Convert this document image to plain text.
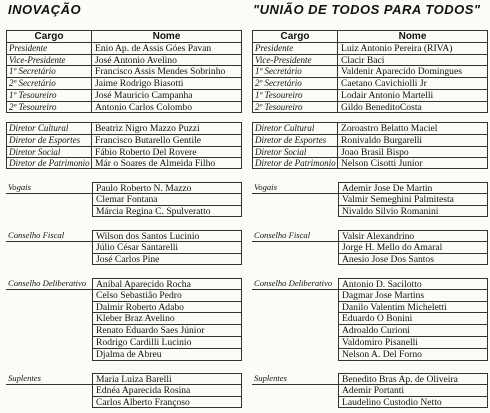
INOVAÇÃO	"UNIÃO DE TODOS PARA TODOS"
Cargo	Nome
Presidente	Enio Ap. de Assis Góes Pavan
Vice-Presidente	José Antonio Avelino
1º Secretário	Francisco Assis Mendes Sobrinho
2º Secretário	Jaime Rodrigo Biasotti
1º Tesoureiro	José Mauricio Campanha
2º Tesoureiro	Antonio Carlos Colombo
Diretor Cultural	Beatriz Nigro Mazzo Puzzi
Diretor de Esportes	Francisco Butarello Gentile
Diretor Social	Fábio Roberto Del Rovere
Diretor de Patrimonio Már o Soares de Almeida Filho
Vogais	Paulo Roberto N. Mazzo
Clemar Fontana
Márcia Regina C. Spulveratto
Conselho Fiscal	Wilson dos Santos Lucinio
Júlio César Santarelli
José Carlos Pine
Conselho Deliberativo	Aníbal Aparecido Rocha
Celso Sebastião Pedro
Dalmir Roberto Adabo
Kleber Braz Avelino
Renato Eduardo Saes Júnior
Rodrigo Cardilli Lucinio
Djalma de Abreu
Suplentes	Maria Luiza Barelli
Ednéa Aparecida Rosina
Carlos Alberto Françoso
Cargo	Nome
Presidente	Luiz Antonio Pereira (RIVA)
Vice-Presidente	Clacir Baci
1º Secretário	Valdenir Aparecido Domingues
2º Secretário	Caetano Cavichiolli Jr
1º Tesoureiro	Lodair Antonio Martelli
2º Tesoureiro	Gildo BeneditoCosta
Diretor Cultural	Zoroastro Belatto Maciel
Diretor de Esportes	Ronivaldo Burgarelli
Diretor Social	Joao Brasil Bispo
Diretor de Patrimonio Nelson Cisotti Junior
Vogais	Ademir Jose De Martin
Valmir Semeghini Palmitesta
Nivaldo Silvio Romanini
Conselho Fiscal	Valsir Alexandrino
Jorge H. Mello do Amaral
Anesio Jose Dos Santos
Conselho Deliberativo	Antonio D. Sacilotto
Dagmar Jose Martins
Danilo Valentim Micheletti
Eduardo O Bonini
Adroaldo Curioni
Valdomiro Pisanelli
Nelson A. Del Forno
Suplentes	Benedito Bras Ap. de Oliveira
Ademir Portanti
Laudelino Custodio Netto
